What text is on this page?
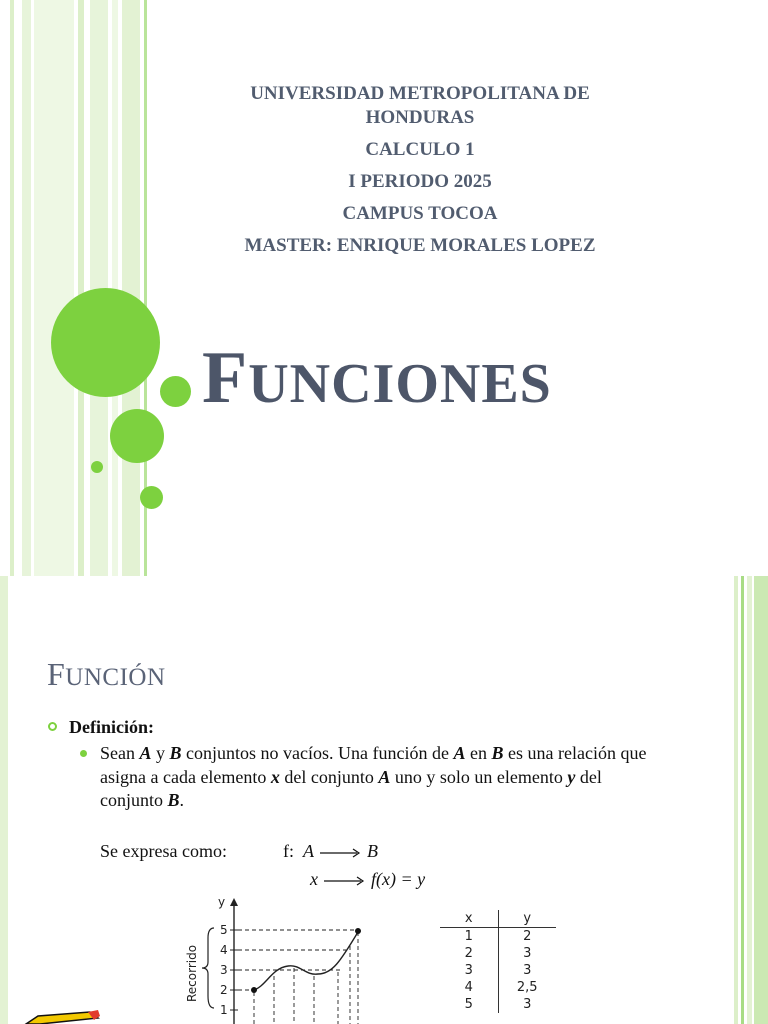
UNIVERSIDAD METROPOLITANA DE HONDURAS
CALCULO 1
I PERIODO 2025
CAMPUS TOCOA
MASTER: ENRIQUE MORALES LOPEZ
FUNCIONES
FUNCIÓN
Definición:
Sean A y B conjuntos no vacíos. Una función de A en B es una relación que asigna a cada elemento x del conjunto A uno y solo un elemento y del conjunto B.
Se expresa como:	f: A	B
x	f(x) = y
y
Recorrido
5
4
3
2
1
x	y
1	2
2	3
3	3
4	2,5
5	3
